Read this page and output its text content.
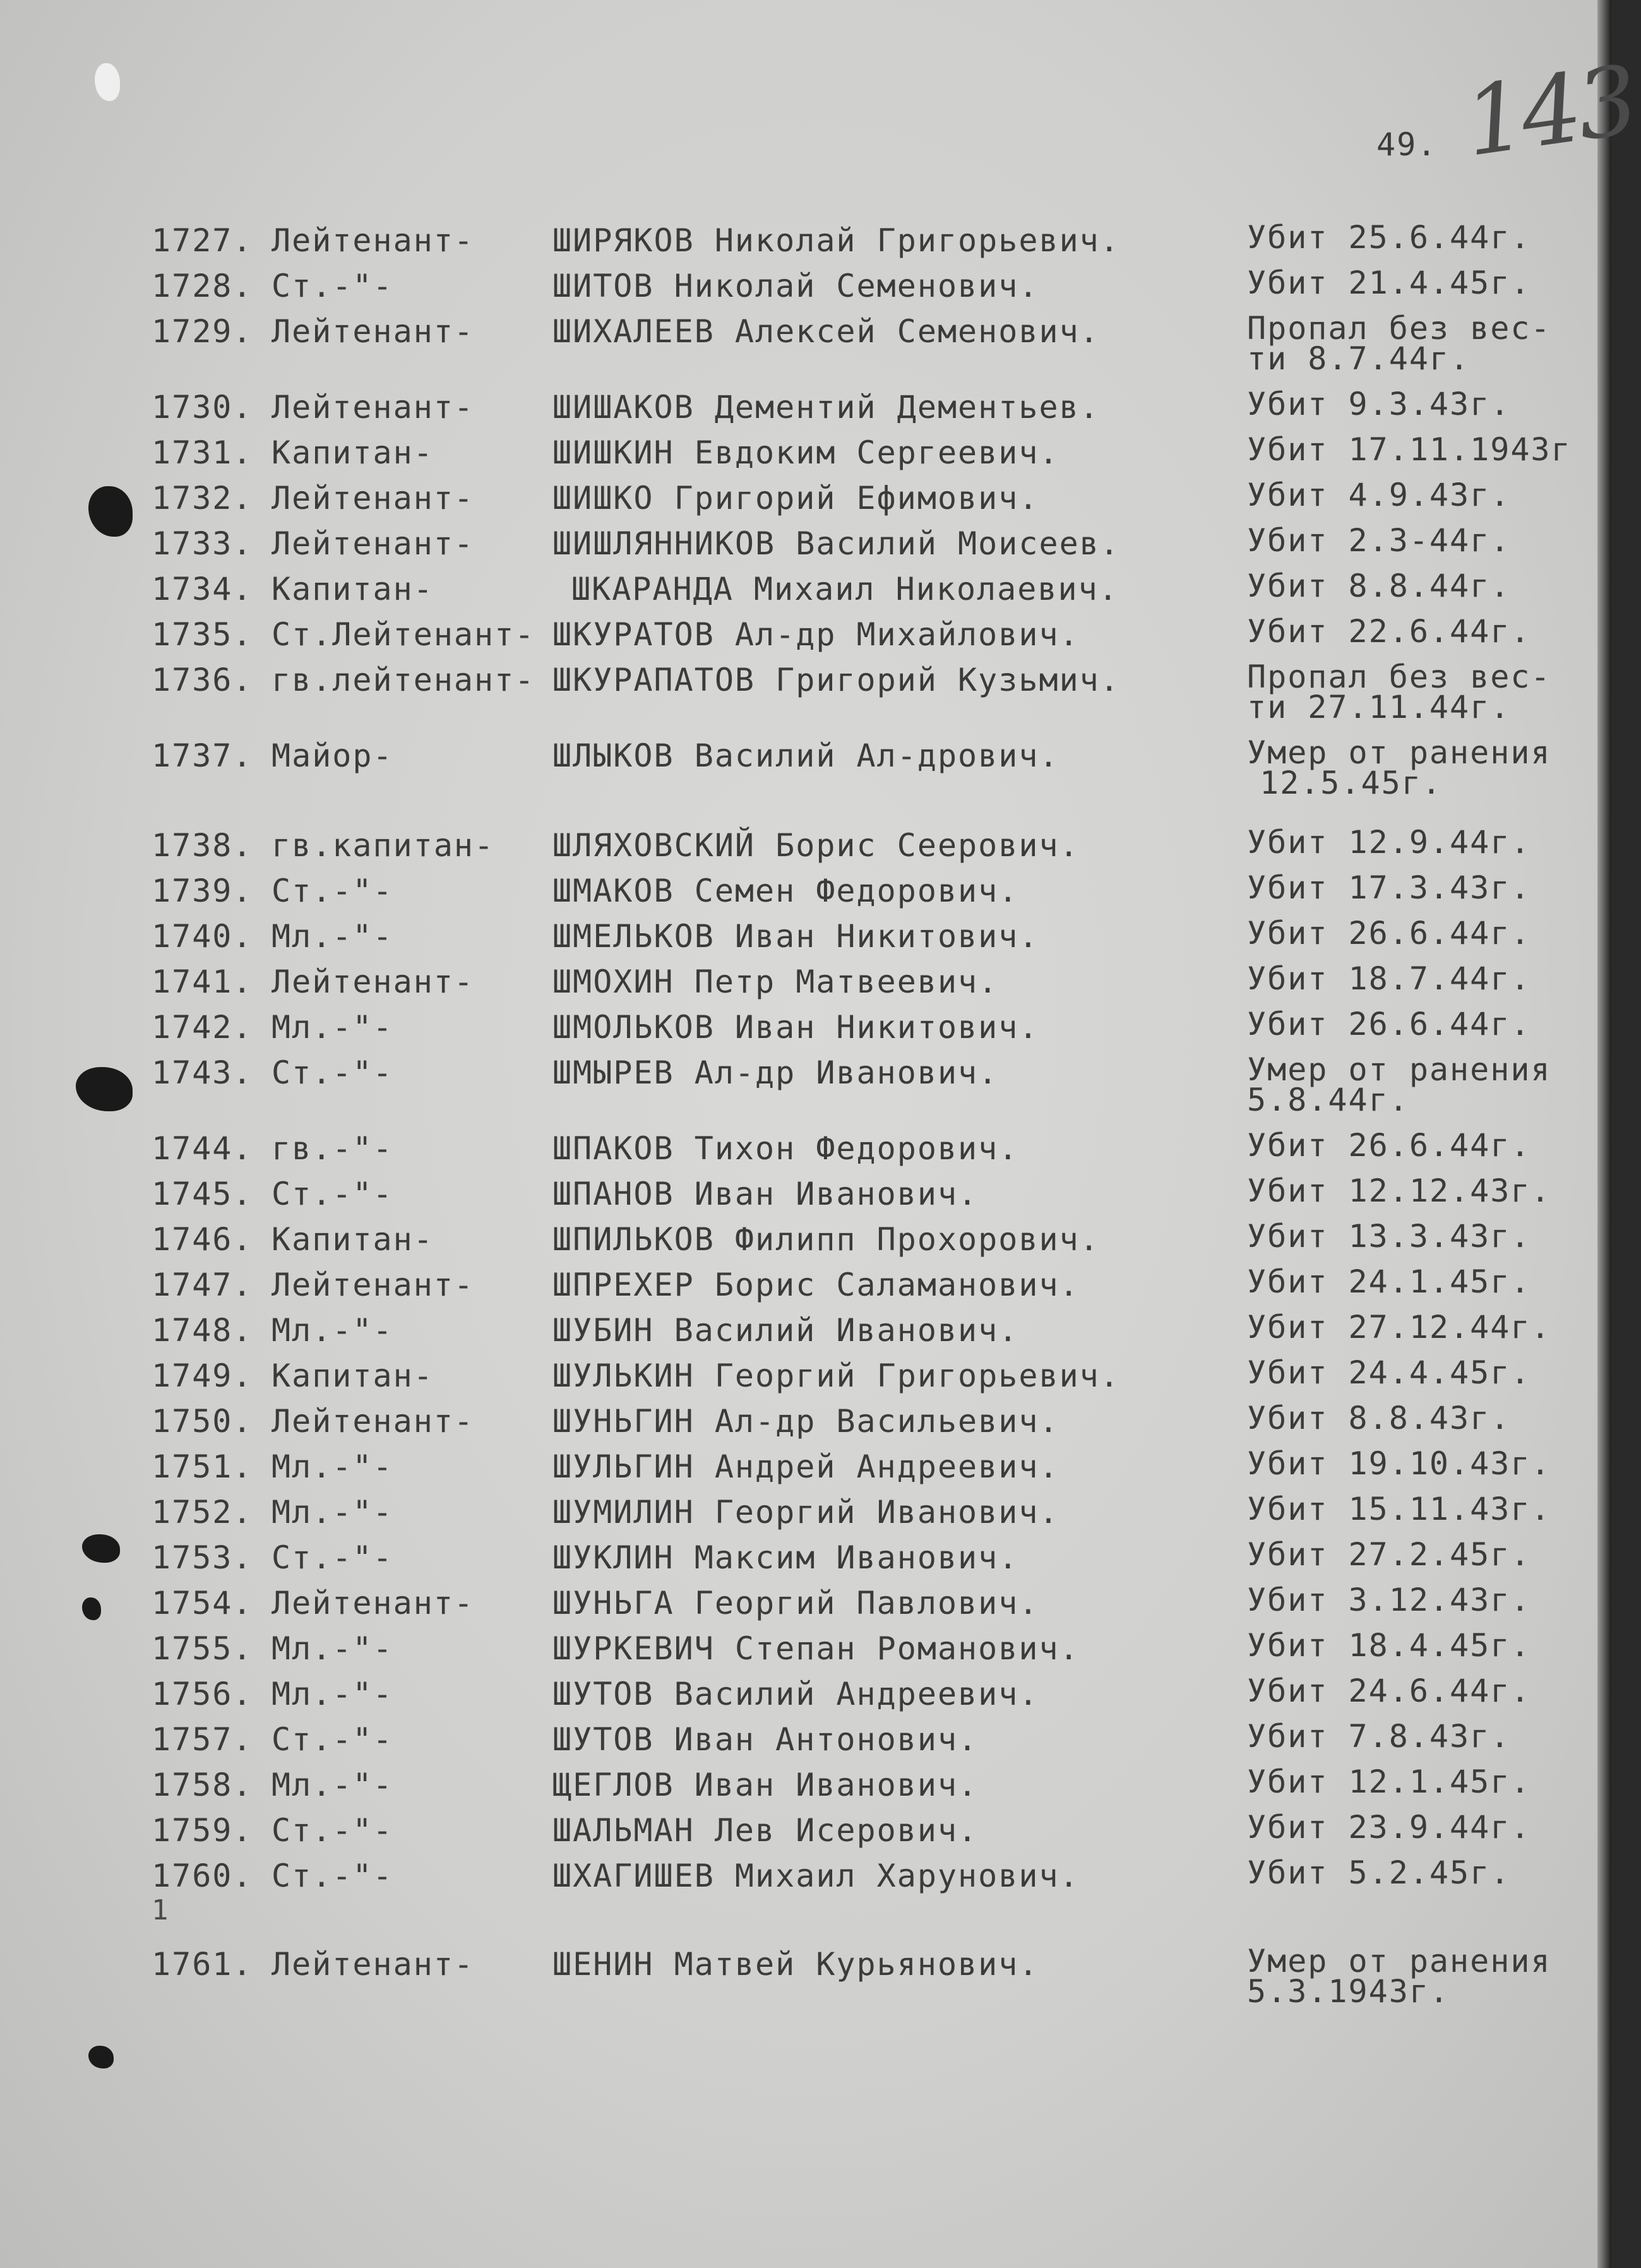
49. 143
1727. Лейтенант- ШИРЯКОВ Николай Григорьевич.	Убит 25.6.44г.
1728. Ст.-"-	ШИТОВ Николай Семенович.	Убит 21.4.45г.
1729. Лейтенант- ШИХАЛЕЕВ Алексей Семенович.	Пропал без вес-
ти 8.7.44г.
1730. Лейтенант- ШИШАКОВ Дементий Дементьев.	Убит 9.3.43г.
1731. Капитан-	ШИШКИН Евдоким Сергеевич.	Убит 17.11.1943г
1732. Лейтенант- ШИШКО Григорий Ефимович.	Убит 4.9.43г.
1733. Лейтенант- ШИШЛЯННИКОВ Василий Моисеев.	Убит 2.3-44г.
1734. Капитан-	ШКАРАНДА Михаил Николаевич.	Убит 8.8.44г.
1735. Ст.Лейтенант- ШКУРАТОВ Ал-др Михайлович.	Убит 22.6.44г.
1736. гв.лейтенант- ШКУРАПАТОВ Григорий Кузьмич.	Пропал без вес-
ти 27.11.44г.
1737. Майор-	ШЛЫКОВ Василий Ал-дрович.	Умер от ранения
12.5.45г.
1738. гв.капитан- ШЛЯХОВСКИЙ Борис Сеерович.	Убит 12.9.44г.
1739. Ст.-"-	ШМАКОВ Семен Федорович.	Убит 17.3.43г.
1740. Мл.-"-	ШМЕЛЬКОВ Иван Никитович.	Убит 26.6.44г.
1741. Лейтенант- ШМОХИН Петр Матвеевич.	Убит 18.7.44г.
1742. Мл.-"-	ШМОЛЬКОВ Иван Никитович.	Убит 26.6.44г.
1743. Ст.-"-	ШМЫРЕВ Ал-др Иванович.	Умер от ранения
5.8.44г.
1744. гв.-"-	ШПАКОВ Тихон Федорович.	Убит 26.6.44г.
1745. Ст.-"-	ШПАНОВ Иван Иванович.	Убит 12.12.43г.
1746. Капитан-	ШПИЛЬКОВ Филипп Прохорович.	Убит 13.3.43г.
1747. Лейтенант- ШПРЕХЕР Борис Саламанович.	Убит 24.1.45г.
1748. Мл.-"-	ШУБИН Василий Иванович.	Убит 27.12.44г.
1749. Капитан-	ШУЛЬКИН Георгий Григорьевич.	Убит 24.4.45г.
1750. Лейтенант- ШУНЬГИН Ал-др Васильевич.	Убит 8.8.43г.
1751. Мл.-"-	ШУЛЬГИН Андрей Андреевич.	Убит 19.10.43г.
1752. Мл.-"-	ШУМИЛИН Георгий Иванович.	Убит 15.11.43г.
1753. Ст.-"-	ШУКЛИН Максим Иванович.	Убит 27.2.45г.
1754. Лейтенант- ШУНЬГА Георгий Павлович.	Убит 3.12.43г.
1755. Мл.-"-	ШУРКЕВИЧ Степан Романович.	Убит 18.4.45г.
1756. Мл.-"-	ШУТОВ Василий Андреевич.	Убит 24.6.44г.
1757. Ст.-"-	ШУТОВ Иван Антонович.	Убит 7.8.43г.
1758. Мл.-"-	ЩЕГЛОВ Иван Иванович.	Убит 12.1.45г.
1759. Ст.-"-	ШАЛЬМАН Лев Исерович.	Убит 23.9.44г.
1760. Ст.-"-	ШХАГИШЕВ Михаил Харунович.	Убит 5.2.45г.
1
1761. Лейтенант- ШЕНИН Матвей Курьянович.	Умер от ранения
5.3.1943г.
